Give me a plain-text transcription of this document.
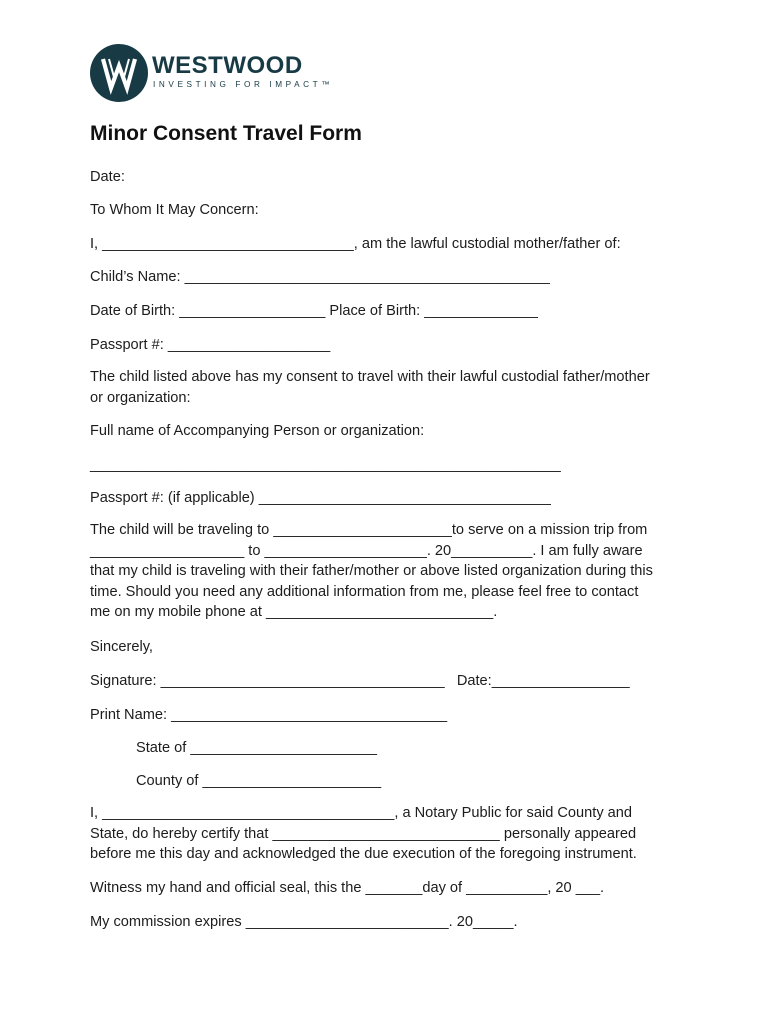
WESTWOOD
INVESTING FOR IMPACT™
Minor Consent Travel Form
Date:
To Whom It May Concern:
I, _______________________________, am the lawful custodial mother/father of:
Child’s Name: _____________________________________________
Date of Birth: __________________ Place of Birth: ______________
Passport #: ____________________
The child listed above has my consent to travel with their lawful custodial father/mother
or organization:
Full name of Accompanying Person or organization:
__________________________________________________________
Passport #: (if applicable) ____________________________________
The child will be traveling to ______________________to serve on a mission trip from
___________________ to ____________________. 20__________. I am fully aware
that my child is traveling with their father/mother or above listed organization during this
time. Should you need any additional information from me, please feel free to contact
me on my mobile phone at ____________________________.
Sincerely,
Signature: ___________________________________   Date:_________________
Print Name: __________________________________
State of _______________________
County of ______________________
I, ____________________________________, a Notary Public for said County and
State, do hereby certify that ____________________________ personally appeared
before me this day and acknowledged the due execution of the foregoing instrument.
Witness my hand and official seal, this the _______day of __________, 20 ___.
My commission expires _________________________. 20_____.
